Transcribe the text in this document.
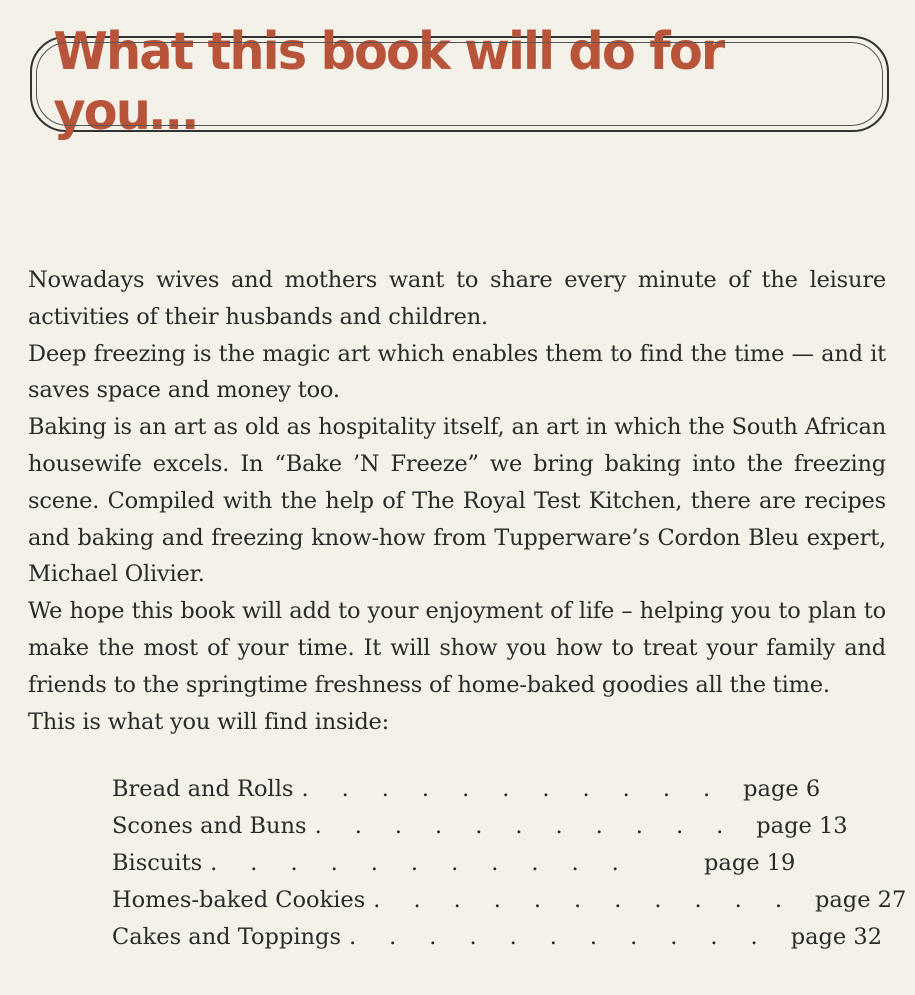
What this book will do for you…

Nowadays wives and mothers want to share every minute of the leisure activities of their husbands and children.

Deep freezing is the magic art which enables them to find the time — and it saves space and money too.

Baking is an art as old as hospitality itself, an art in which the South African housewife excels. In “Bake ’N Freeze” we bring baking into the freezing scene. Compiled with the help of The Royal Test Kitchen, there are recipes and baking and freezing know-how from Tupperware’s Cordon Bleu expert, Michael Olivier.

We hope this book will add to your enjoyment of life – helping you to plan to make the most of your time. It will show you how to treat your family and friends to the springtime freshness of home-baked goodies all the time.

This is what you will find inside:

Bread and Rolls ........... page 6
Scones and Buns ........... page 13
Biscuits ...........	page 19
Homes-baked Cookies ........... page 27
Cakes and Toppings ........... page 32
